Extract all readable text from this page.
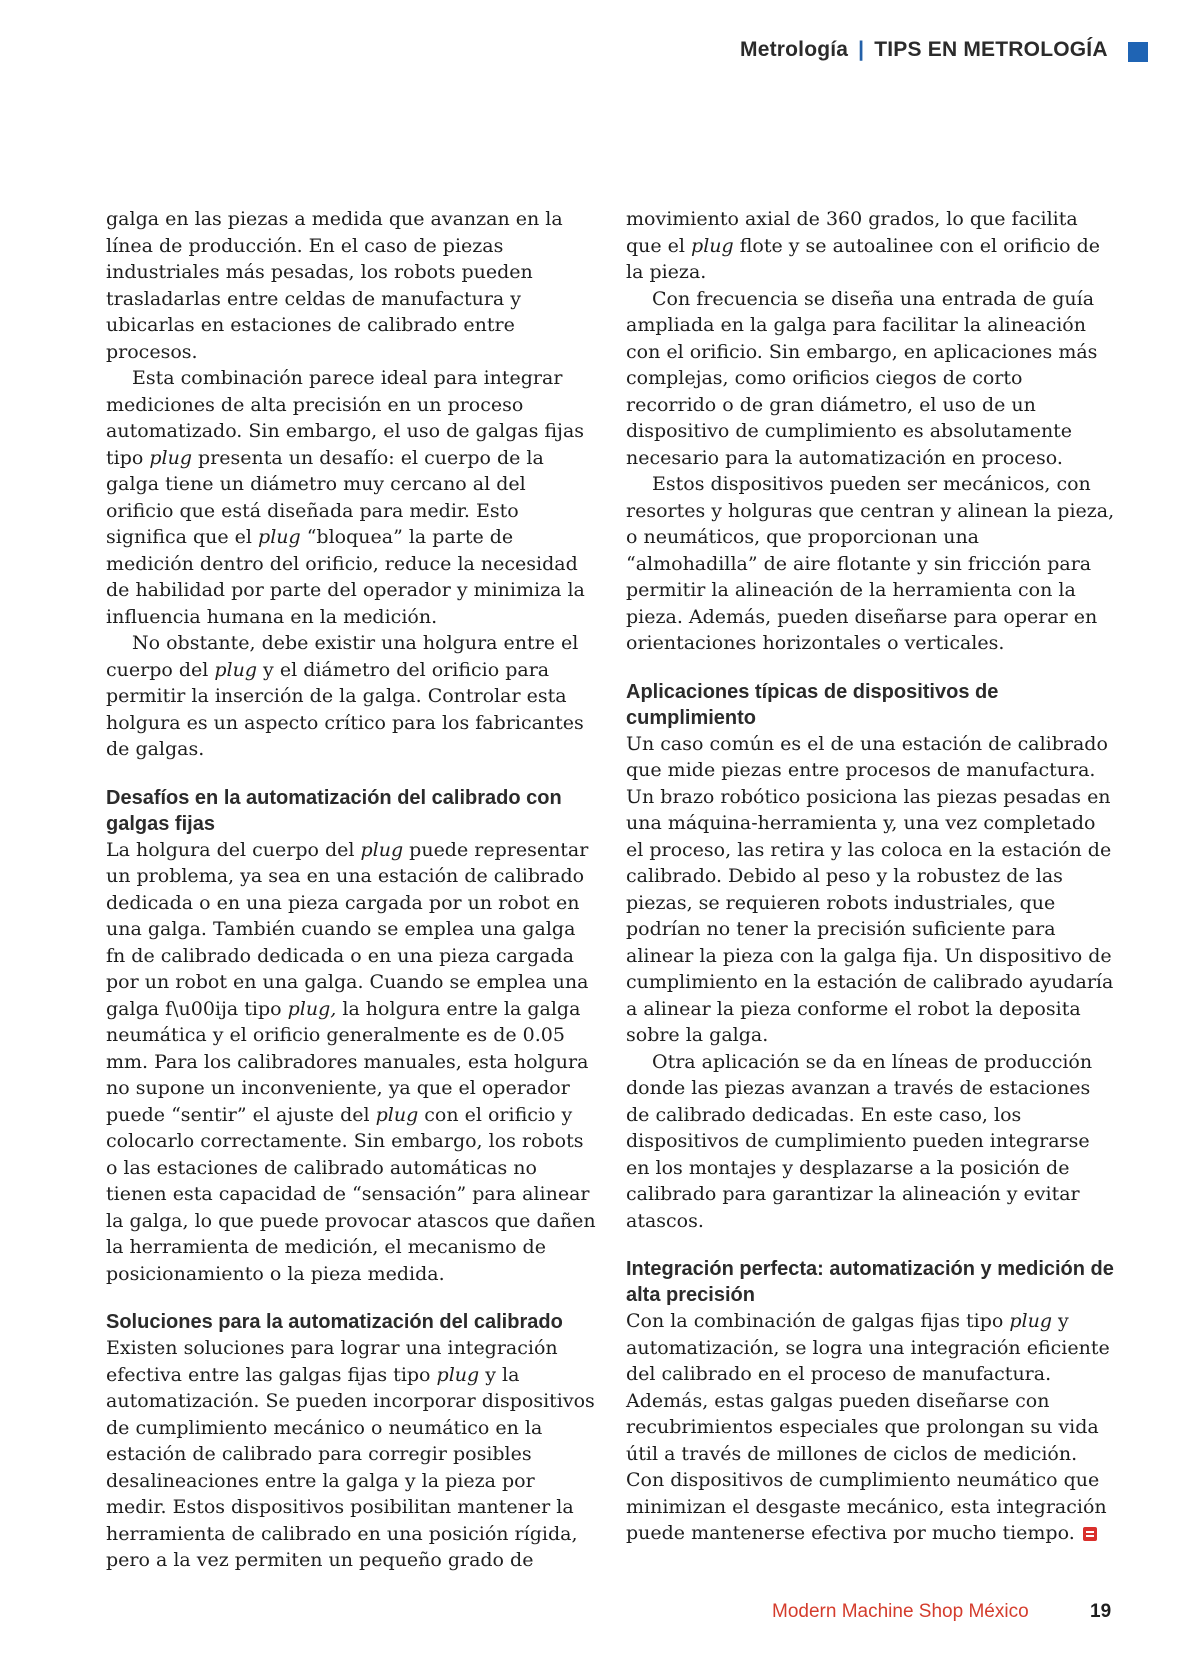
Metrología | TIPS EN METROLOGÍA

galga en las piezas a medida que avanzan en la línea de producción. En el caso de piezas industriales más pesadas, los robots pueden trasladarlas entre celdas de manufactura y ubicarlas en estaciones de calibrado entre procesos.

Esta combinación parece ideal para integrar mediciones de alta precisión en un proceso automatizado. Sin embargo, el uso de galgas fijas tipo plug presenta un desafío: el cuerpo de la galga tiene un diámetro muy cercano al del orificio que está diseñada para medir. Esto significa que el plug “bloquea” la parte de medición dentro del orificio, reduce la necesidad de habilidad por parte del operador y minimiza la influencia humana en la medición.

No obstante, debe existir una holgura entre el cuerpo del plug y el diámetro del orificio para permitir la inserción de la galga. Controlar esta holgura es un aspecto crítico para los fabricantes de galgas.

Desafíos en la automatización del calibrado con galgas fijas

La holgura del cuerpo del plug puede representar un problema, ya sea en una estación de calibrado dedicada o en una pieza cargada por un robot en una galga. También cuando se emplea una galga fn de calibrado dedicada o en una pieza cargada por un robot en una galga. Cuando se emplea una galga f\u00ija tipo plug, la holgura entre la galga neumática y el orificio generalmente es de 0.05 mm. Para los calibradores manuales, esta holgura no supone un inconveniente, ya que el operador puede “sentir” el ajuste del plug con el orificio y colocarlo correctamente. Sin embargo, los robots o las estaciones de calibrado automáticas no tienen esta capacidad de “sensación” para alinear la galga, lo que puede provocar atascos que dañen la herramienta de medición, el mecanismo de posicionamiento o la pieza medida.

Soluciones para la automatización del calibrado

Existen soluciones para lograr una integración efectiva entre las galgas fijas tipo plug y la automatización. Se pueden incorporar dispositivos de cumplimiento mecánico o neumático en la estación de calibrado para corregir posibles desalineaciones entre la galga y la pieza por medir. Estos dispositivos posibilitan mantener la herramienta de calibrado en una posición rígida, pero a la vez permiten un pequeño grado de

movimiento axial de 360 grados, lo que facilita que el plug flote y se autoalinee con el orificio de la pieza.

Con frecuencia se diseña una entrada de guía ampliada en la galga para facilitar la alineación con el orificio. Sin embargo, en aplicaciones más complejas, como orificios ciegos de corto recorrido o de gran diámetro, el uso de un dispositivo de cumplimiento es absolutamente necesario para la automatización en proceso.

Estos dispositivos pueden ser mecánicos, con resortes y holguras que centran y alinean la pieza, o neumáticos, que proporcionan una “almohadilla” de aire flotante y sin fricción para permitir la alineación de la herramienta con la pieza. Además, pueden diseñarse para operar en orientaciones horizontales o verticales.

Aplicaciones típicas de dispositivos de cumplimiento

Un caso común es el de una estación de calibrado que mide piezas entre procesos de manufactura. Un brazo robótico posiciona las piezas pesadas en una máquina-herramienta y, una vez completado el proceso, las retira y las coloca en la estación de calibrado. Debido al peso y la robustez de las piezas, se requieren robots industriales, que podrían no tener la precisión suficiente para alinear la pieza con la galga fija. Un dispositivo de cumplimiento en la estación de calibrado ayudaría a alinear la pieza conforme el robot la deposita sobre la galga.

Otra aplicación se da en líneas de producción donde las piezas avanzan a través de estaciones de calibrado dedicadas. En este caso, los dispositivos de cumplimiento pueden integrarse en los montajes y desplazarse a la posición de calibrado para garantizar la alineación y evitar atascos.

Integración perfecta: automatización y medición de alta precisión

Con la combinación de galgas fijas tipo plug y automatización, se logra una integración eficiente del calibrado en el proceso de manufactura. Además, estas galgas pueden diseñarse con recubrimientos especiales que prolongan su vida útil a través de millones de ciclos de medición. Con dispositivos de cumplimiento neumático que minimizan el desgaste mecánico, esta integración puede mantenerse efectiva por mucho tiempo.

Modern Machine Shop México	19
